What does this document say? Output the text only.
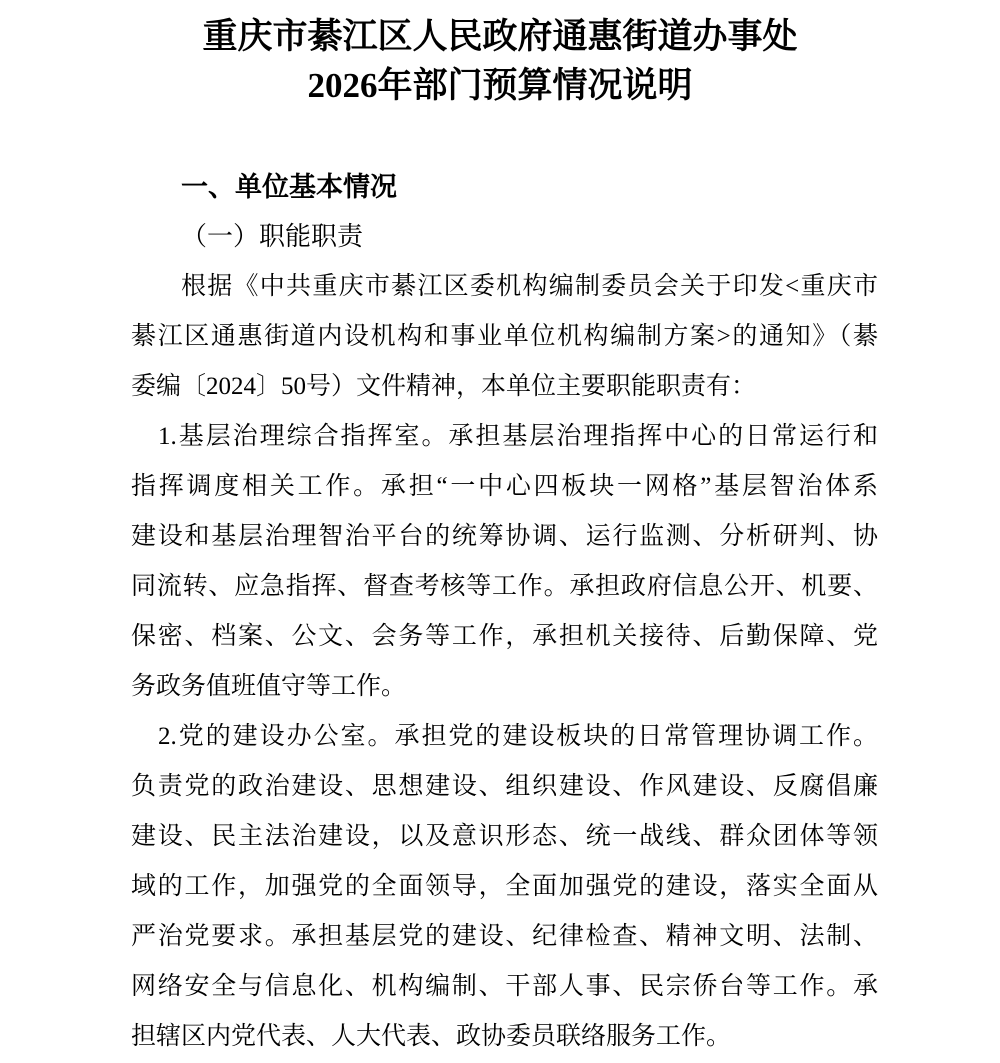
重庆市綦江区人民政府通惠街道办事处
2026年部门预算情况说明
一、单位基本情况
（一）职能职责
根据《中共重庆市綦江区委机构编制委员会关于印发<重庆市
綦江区通惠街道内设机构和事业单位机构编制方案>的通知》（綦
委编〔2024〕50号）文件精神，本单位主要职能职责有：
1.基层治理综合指挥室。承担基层治理指挥中心的日常运行和
指挥调度相关工作。承担“一中心四板块一网格”基层智治体系
建设和基层治理智治平台的统筹协调、运行监测、分析研判、协
同流转、应急指挥、督查考核等工作。承担政府信息公开、机要、
保密、档案、公文、会务等工作，承担机关接待、后勤保障、党
务政务值班值守等工作。
2.党的建设办公室。承担党的建设板块的日常管理协调工作。
负责党的政治建设、思想建设、组织建设、作风建设、反腐倡廉
建设、民主法治建设，以及意识形态、统一战线、群众团体等领
域的工作，加强党的全面领导，全面加强党的建设，落实全面从
严治党要求。承担基层党的建设、纪律检查、精神文明、法制、
网络安全与信息化、机构编制、干部人事、民宗侨台等工作。承
担辖区内党代表、人大代表、政协委员联络服务工作。
